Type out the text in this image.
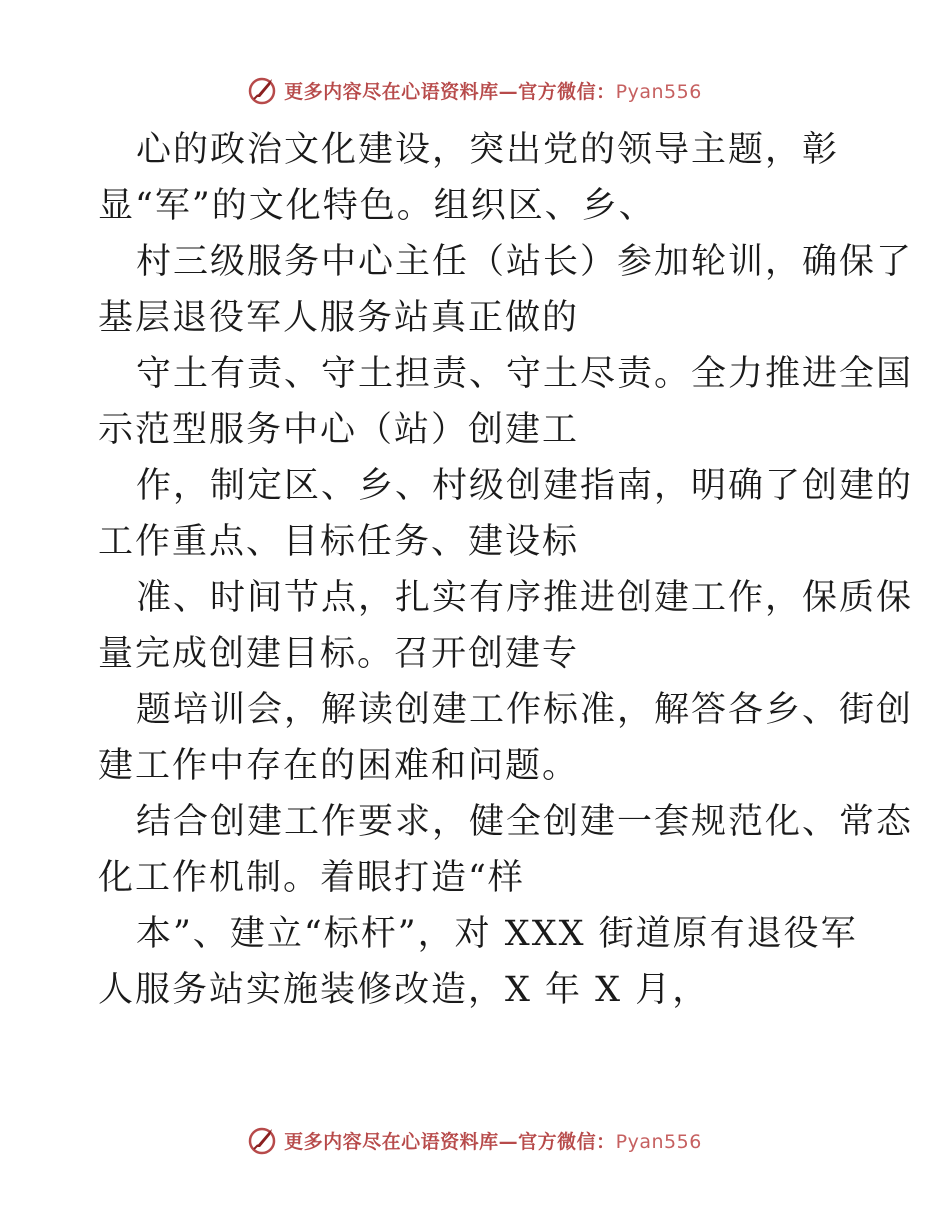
更多内容尽在心语资料库—官方微信：Pyan556
心的政治文化建设，突出党的领导主题，彰
显“军”的文化特色。组织区、乡、
村三级服务中心主任（站长）参加轮训，确保了
基层退役军人服务站真正做的
守土有责、守土担责、守土尽责。全力推进全国
示范型服务中心（站）创建工
作，制定区、乡、村级创建指南，明确了创建的
工作重点、目标任务、建设标
准、时间节点，扎实有序推进创建工作，保质保
量完成创建目标。召开创建专
题培训会，解读创建工作标准，解答各乡、街创
建工作中存在的困难和问题。
结合创建工作要求，健全创建一套规范化、常态
化工作机制。着眼打造“样
本”、建立“标杆”，对 XXX 街道原有退役军
人服务站实施装修改造，X 年 X 月，
更多内容尽在心语资料库—官方微信：Pyan556
